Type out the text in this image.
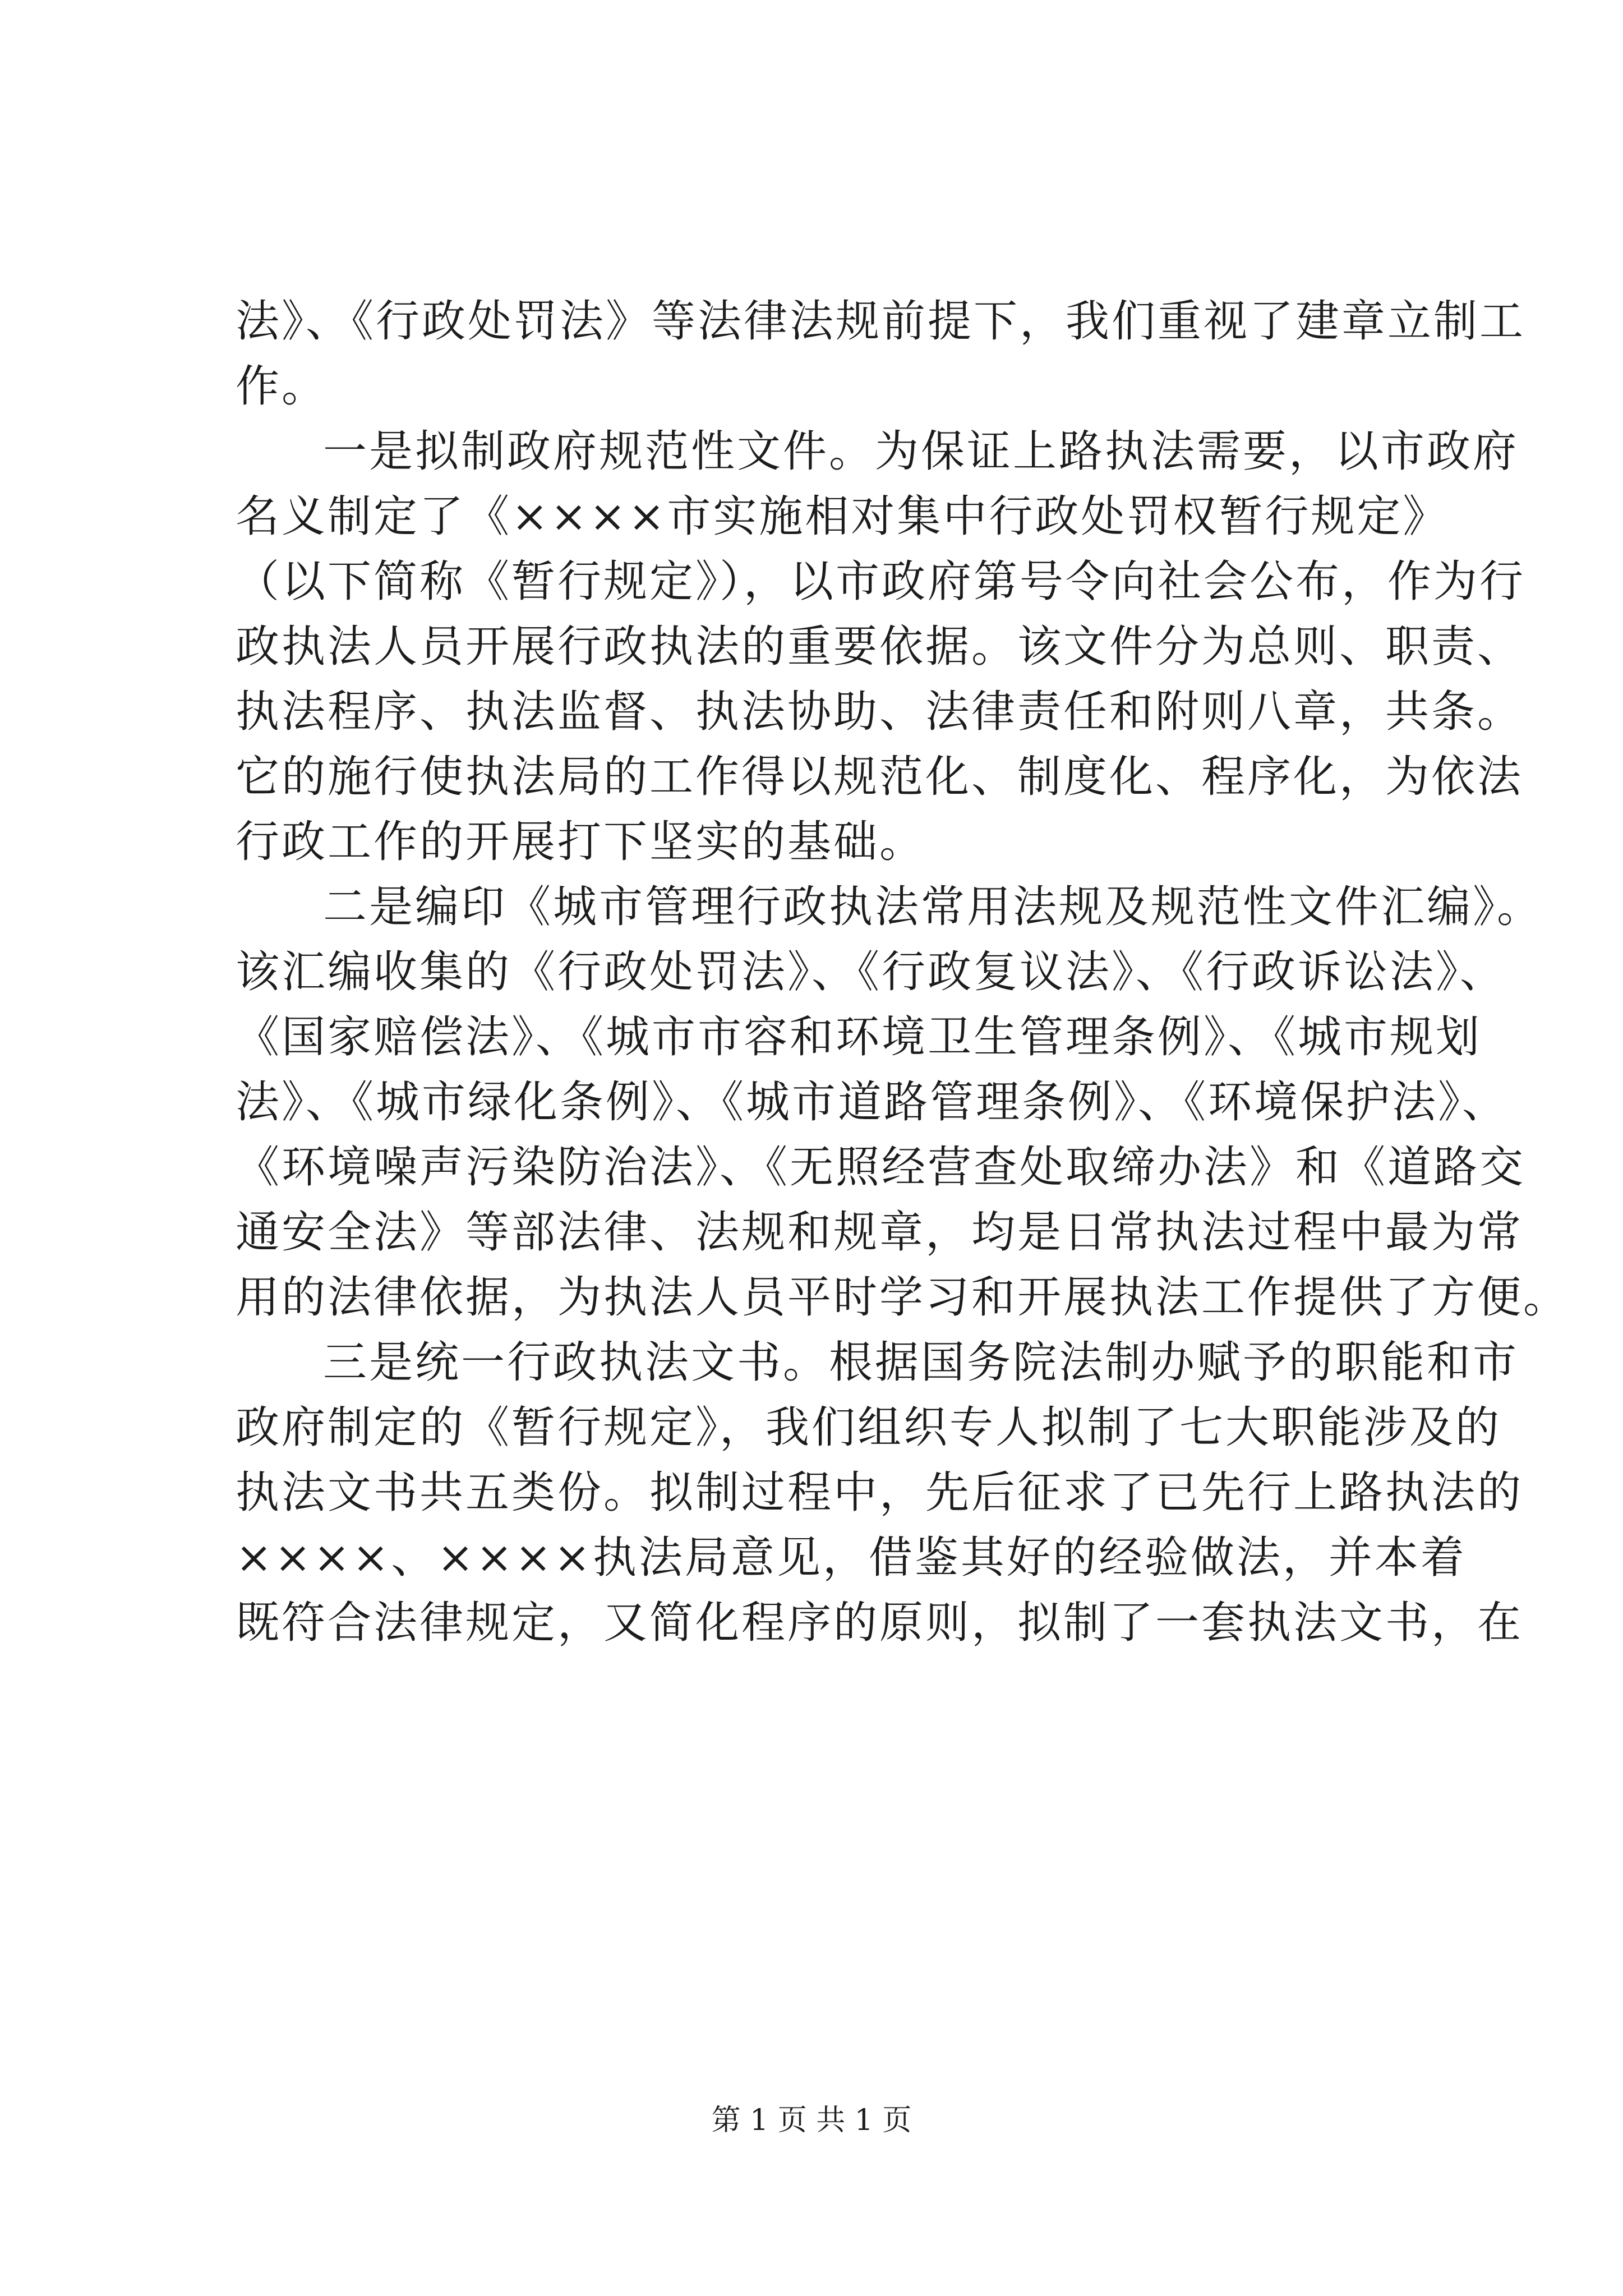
法》、《行政处罚法》等法律法规前提下，我们重视了建章立制工
作。
一是拟制政府规范性文件。为保证上路执法需要，以市政府
名义制定了《××××市实施相对集中行政处罚权暂行规定》
（以下简称《暂行规定》），以市政府第号令向社会公布，作为行
政执法人员开展行政执法的重要依据。该文件分为总则、职责、
执法程序、执法监督、执法协助、法律责任和附则八章，共条。
它的施行使执法局的工作得以规范化、制度化、程序化，为依法
行政工作的开展打下坚实的基础。
二是编印《城市管理行政执法常用法规及规范性文件汇编》。
该汇编收集的《行政处罚法》、《行政复议法》、《行政诉讼法》、
《国家赔偿法》、《城市市容和环境卫生管理条例》、《城市规划
法》、《城市绿化条例》、《城市道路管理条例》、《环境保护法》、
《环境噪声污染防治法》、《无照经营查处取缔办法》和《道路交
通安全法》等部法律、法规和规章，均是日常执法过程中最为常
用的法律依据，为执法人员平时学习和开展执法工作提供了方便。
三是统一行政执法文书。根据国务院法制办赋予的职能和市
政府制定的《暂行规定》，我们组织专人拟制了七大职能涉及的
执法文书共五类份。拟制过程中，先后征求了已先行上路执法的
××××、××××执法局意见，借鉴其好的经验做法，并本着
既符合法律规定，又简化程序的原则，拟制了一套执法文书，在
第 1 页 共 1 页
